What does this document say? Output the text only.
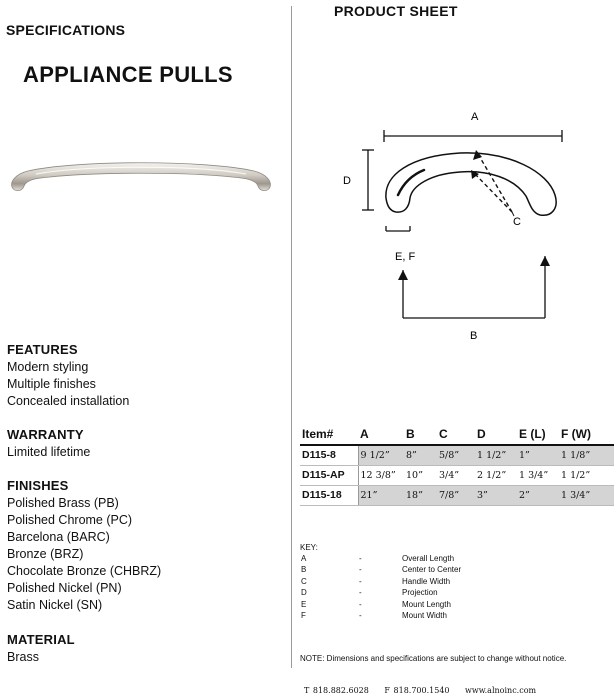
SPECIFICATIONS
APPLIANCE PULLS
FEATURES
Modern styling
Multiple finishes
Concealed installation
WARRANTY
Limited lifetime
FINISHES
Polished Brass (PB)
Polished Chrome (PC)
Barcelona (BARC)
Bronze (BRZ)
Chocolate Bronze (CHBRZ)
Polished Nickel (PN)
Satin Nickel (SN)
MATERIAL
Brass
PRODUCT SHEET
A
D
C
E, F
B
Item#	A	B	C	D	E (L)	F (W)
D115-8	9 1/2”	8”	5/8”	1 1/2”	1”	1 1/8”
D115-AP	12 3/8”	10”	3/4”	2 1/2”	1 3/4”	1 1/2”
D115-18	21”	18”	7/8”	3”	2”	1 3/4”
KEY:
A	-	Overall Length
B	-	Center to Center
C	-	Handle Width
D	-	Projection
E	-	Mount Length
F	-	Mount Width
NOTE: Dimensions and specifications are subject to change without notice.
T 818.882.6028 F 818.700.1540 www.alnoinc.com
